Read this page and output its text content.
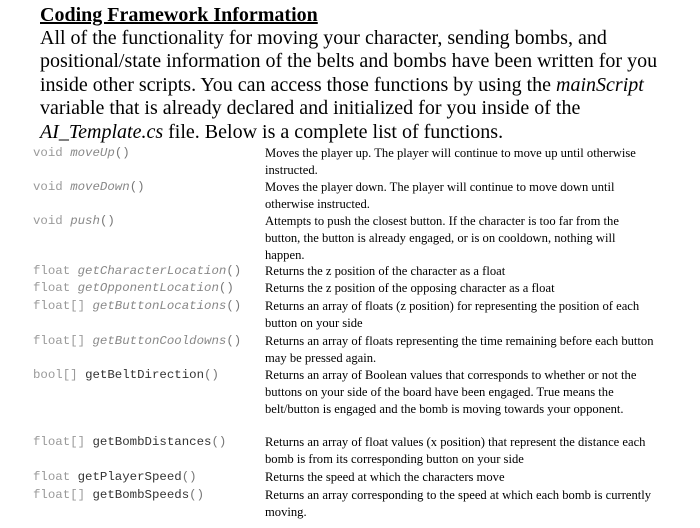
Coding Framework Information

All of the functionality for moving your character, sending bombs, and positional/state information of the belts and bombs have been written for you inside other scripts. You can access those functions by using the mainScript variable that is already declared and initialized for you inside of the AI_Template.cs file. Below is a complete list of functions.

void moveUp()	Moves the player up. The player will continue to move up until otherwise instructed.
void moveDown()	Moves the player down. The player will continue to move down until otherwise instructed.
void push()	Attempts to push the closest button. If the character is too far from the button, the button is already engaged, or is on cooldown, nothing will happen.
float getCharacterLocation() Returns the z position of the character as a float
float getOpponentLocation() Returns the z position of the opposing character as a float
float[] getButtonLocations() Returns an array of floats (z position) for representing the position of each button on your side
float[] getButtonCooldowns() Returns an array of floats representing the time remaining before each button may be pressed again.
bool[] getBeltDirection()	Returns an array of Boolean values that corresponds to whether or not the buttons on your side of the board have been engaged. True means the belt/button is engaged and the bomb is moving towards your opponent.
float[] getBombDistances()	Returns an array of float values (x position) that represent the distance each bomb is from its corresponding button on your side
float getPlayerSpeed()	Returns the speed at which the characters move
float[] getBombSpeeds()	Returns an array corresponding to the speed at which each bomb is currently moving.
